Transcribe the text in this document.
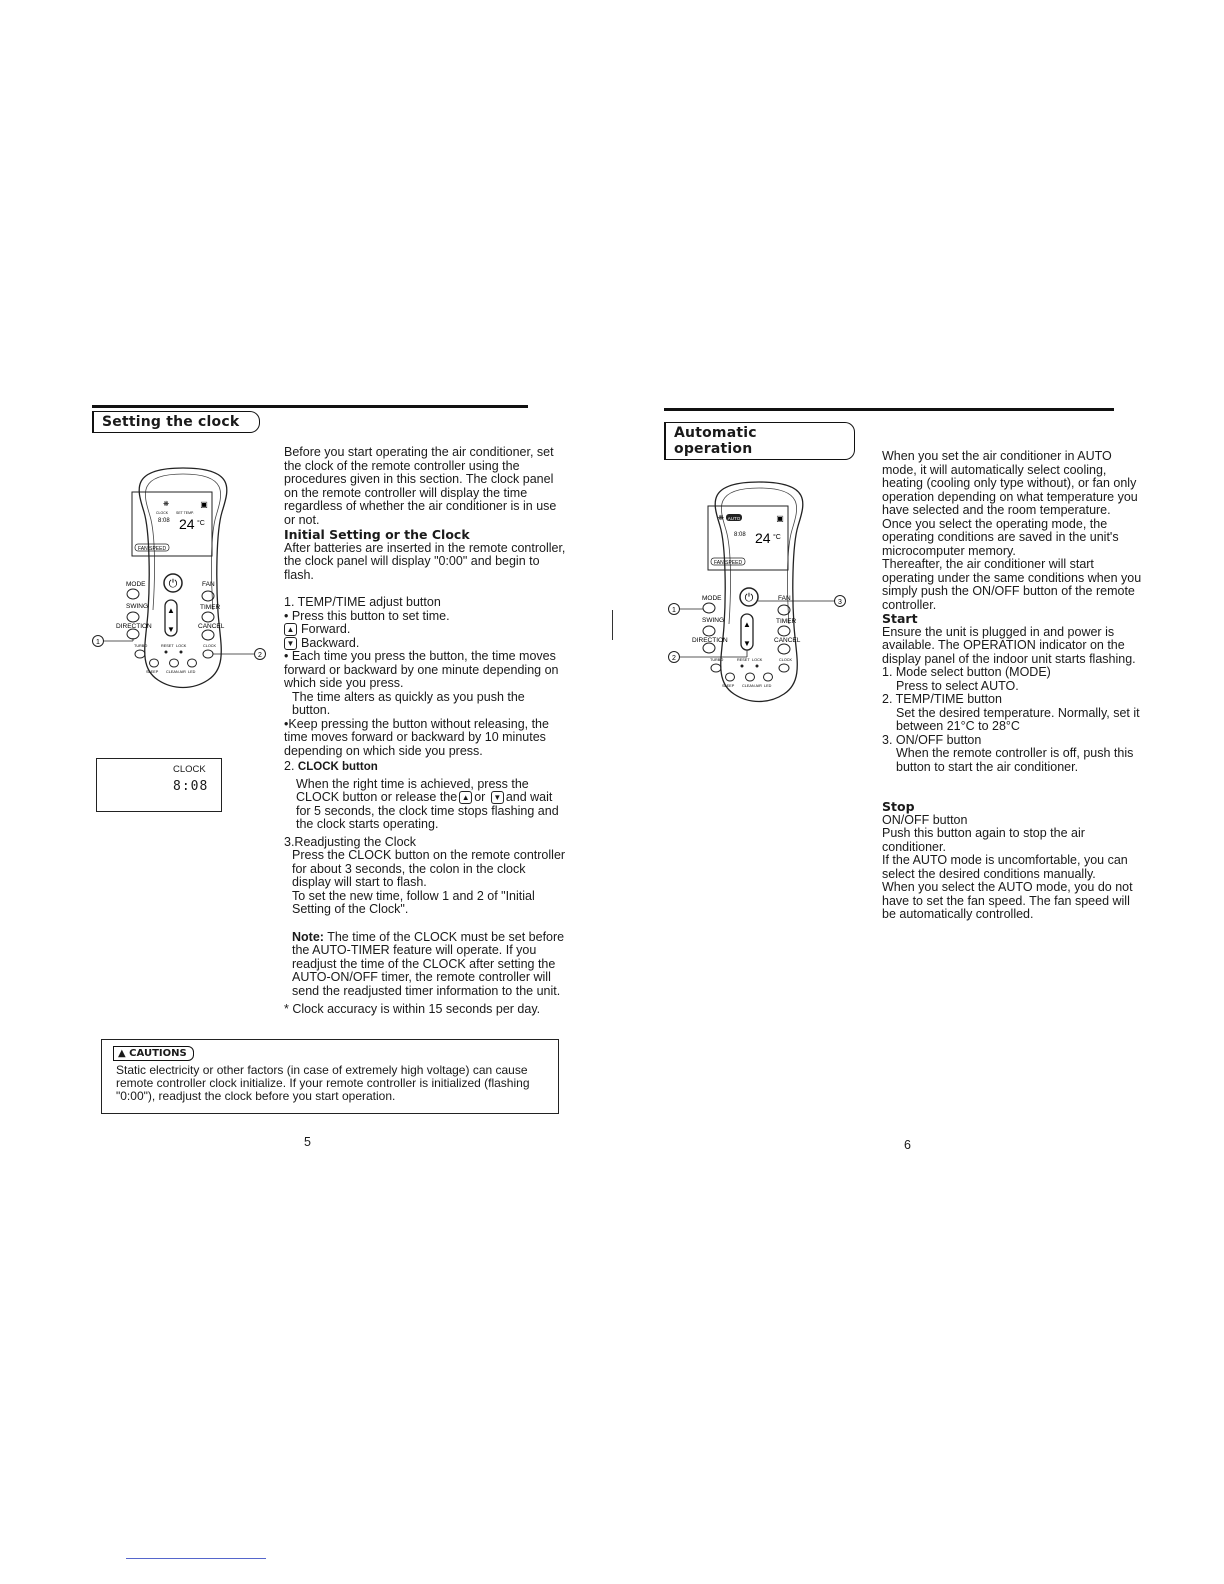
Setting the clock
❋	▣
CLOCK SET TEMP.
8:08 24 °C
FAN SPEED
MODE ⏻	FAN
SWING ▲
▼
TIMER
DIRECTION	CANCEL
TURBO	RESET LOCK	CLOCK
SLEEP CLEAN AIR LED
1
2
CLOCK
8:08

Before you start operating the air conditioner, set the clock of the remote controller using the procedures given in this section. The clock panel on the remote controller will display the time regardless of whether the air conditioner is in use or not.

Initial Setting or the Clock

After batteries are inserted in the remote controller, the clock panel will display "0:00" and begin to flash.

1. TEMP/TIME adjust button

• Press this button to set time.

▲ Forward.

▼ Backward.

• Each time you press the button, the time moves forward or backward by one minute depending on which side you press.

The time alters as quickly as you push the button.

•Keep pressing the button without releasing, the time moves forward or backward by 10 minutes depending on which side you press.

2. CLOCK button

When the right time is achieved, press the CLOCK button or release the ▲ or ▼ and wait for 5 seconds, the clock time stops flashing and the clock starts operating.

3.Readjusting the Clock

Press the CLOCK button on the remote controller for about 3 seconds, the colon in the clock display will start to flash.

To set the new time, follow 1 and 2 of "Initial Setting of the Clock".

Note: The time of the CLOCK must be set before the AUTO-TIMER feature will operate. If you readjust the time of the CLOCK after setting the AUTO-ON/OFF timer, the remote controller will send the readjusted timer information to the unit.

* Clock accuracy is within 15 seconds per day.

▲ CAUTIONS
Static electricity or other factors (in case of extremely high voltage) can cause remote controller clock initialize. If your remote controller is initialized (flashing "0:00"), readjust the clock before you start operation.
5
Automatic operation
❋ AUTO	▣
8:08 24 °C
FAN SPEED
MODE ⏻	FAN
SWING ▲
▼
TIMER
DIRECTION	CANCEL
TURBO	RESET LOCK	CLOCK
SLEEP CLEAN AIR LED
1
2
3

When you set the air conditioner in AUTO mode, it will automatically select cooling, heating (cooling only type without), or fan only operation depending on what temperature you have selected and the room temperature.

Once you select the operating mode, the operating conditions are saved in the unit's microcomputer memory.

Thereafter, the air conditioner will start operating under the same conditions when you simply push the ON/OFF button of the remote controller.

Start

Ensure the unit is plugged in and power is available. The OPERATION indicator on the display panel of the indoor unit starts flashing.

1. Mode select button (MODE)

Press to select AUTO.

2. TEMP/TIME button

Set the desired temperature. Normally, set it between 21°C to 28°C

3. ON/OFF button

When the remote controller is off, push this button to start the air conditioner.

Stop

ON/OFF button

Push this button again to stop the air conditioner.

If the AUTO mode is uncomfortable, you can select the desired conditions manually.

When you select the AUTO mode, you do not have to set the fan speed. The fan speed will be automatically controlled.

6
